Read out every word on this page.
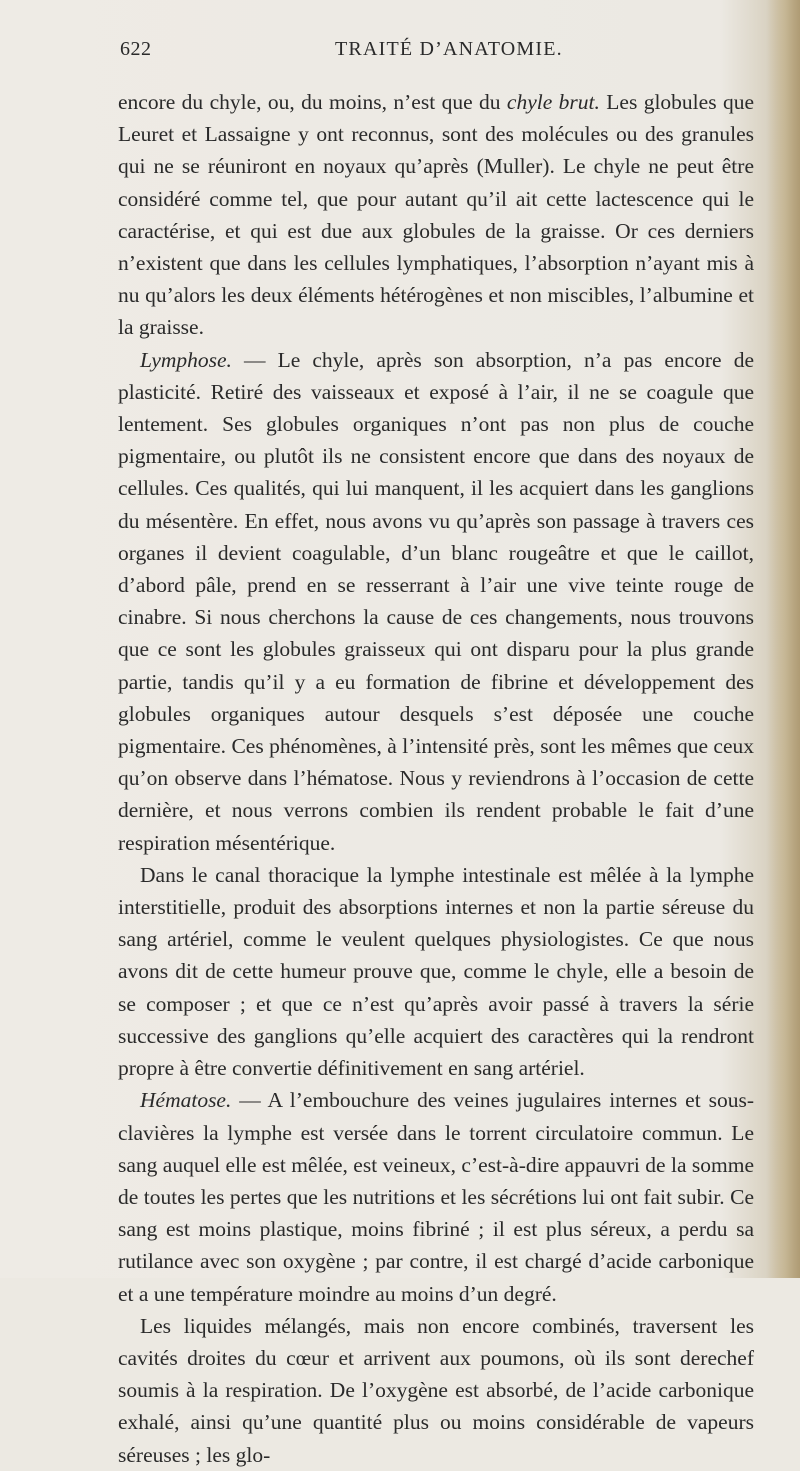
622	TRAITÉ D’ANATOMIE.

encore du chyle, ou, du moins, n’est que du chyle brut. Les globules que Leuret et Lassaigne y ont reconnus, sont des molécules ou des granules qui ne se réuniront en noyaux qu’après (Muller). Le chyle ne peut être considéré comme tel, que pour autant qu’il ait cette lactescence qui le caractérise, et qui est due aux globules de la graisse. Or ces derniers n’existent que dans les cellules lymphatiques, l’absorption n’ayant mis à nu qu’alors les deux éléments hétérogènes et non miscibles, l’albumine et la graisse.

Lymphose. — Le chyle, après son absorption, n’a pas encore de plasticité. Retiré des vaisseaux et exposé à l’air, il ne se coagule que lentement. Ses globules organiques n’ont pas non plus de couche pigmentaire, ou plutôt ils ne consistent encore que dans des noyaux de cellules. Ces qualités, qui lui manquent, il les acquiert dans les ganglions du mésentère. En effet, nous avons vu qu’après son passage à travers ces organes il devient coagulable, d’un blanc rougeâtre et que le caillot, d’abord pâle, prend en se resserrant à l’air une vive teinte rouge de cinabre. Si nous cherchons la cause de ces changements, nous trouvons que ce sont les globules graisseux qui ont disparu pour la plus grande partie, tandis qu’il y a eu formation de fibrine et développement des globules organiques autour desquels s’est déposée une couche pigmentaire. Ces phénomènes, à l’intensité près, sont les mêmes que ceux qu’on observe dans l’hématose. Nous y reviendrons à l’occasion de cette dernière, et nous verrons combien ils rendent probable le fait d’une respiration mésentérique.

Dans le canal thoracique la lymphe intestinale est mêlée à la lymphe interstitielle, produit des absorptions internes et non la partie séreuse du sang artériel, comme le veulent quelques physiologistes. Ce que nous avons dit de cette humeur prouve que, comme le chyle, elle a besoin de se composer ; et que ce n’est qu’après avoir passé à travers la série successive des ganglions qu’elle acquiert des caractères qui la rendront propre à être convertie définitivement en sang artériel.

Hématose. — A l’embouchure des veines jugulaires internes et sous-clavières la lymphe est versée dans le torrent circulatoire commun. Le sang auquel elle est mêlée, est veineux, c’est-à-dire appauvri de la somme de toutes les pertes que les nutritions et les sécrétions lui ont fait subir. Ce sang est moins plastique, moins fibriné ; il est plus séreux, a perdu sa rutilance avec son oxygène ; par contre, il est chargé d’acide carbonique et a une température moindre au moins d’un degré.

Les liquides mélangés, mais non encore combinés, traversent les cavités droites du cœur et arrivent aux poumons, où ils sont derechef soumis à la respiration. De l’oxygène est absorbé, de l’acide carbonique exhalé, ainsi qu’une quantité plus ou moins considérable de vapeurs séreuses ; les glo-
